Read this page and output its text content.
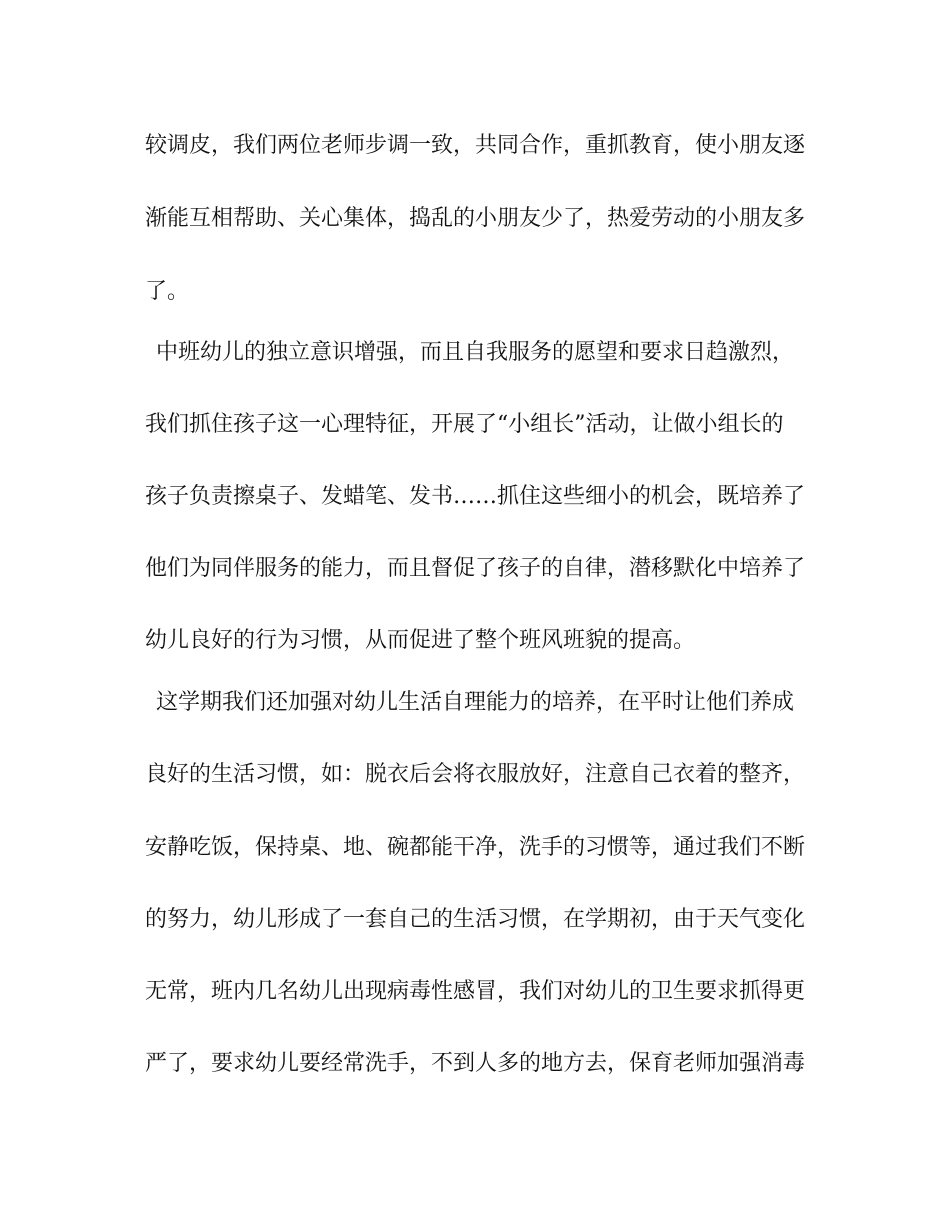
较调皮，我们两位老师步调一致，共同合作，重抓教育，使小朋友逐
渐能互相帮助、关心集体，捣乱的小朋友少了，热爱劳动的小朋友多
了。
中班幼儿的独立意识增强，而且自我服务的愿望和要求日趋激烈，
我们抓住孩子这一心理特征，开展了“小组长”活动，让做小组长的
孩子负责擦桌子、发蜡笔、发书……抓住这些细小的机会，既培养了
他们为同伴服务的能力，而且督促了孩子的自律，潜移默化中培养了
幼儿良好的行为习惯，从而促进了整个班风班貌的提高。
这学期我们还加强对幼儿生活自理能力的培养，在平时让他们养成
良好的生活习惯，如：脱衣后会将衣服放好，注意自己衣着的整齐，
安静吃饭，保持桌、地、碗都能干净，洗手的习惯等，通过我们不断
的努力，幼儿形成了一套自己的生活习惯，在学期初，由于天气变化
无常，班内几名幼儿出现病毒性感冒，我们对幼儿的卫生要求抓得更
严了，要求幼儿要经常洗手，不到人多的地方去，保育老师加强消毒
